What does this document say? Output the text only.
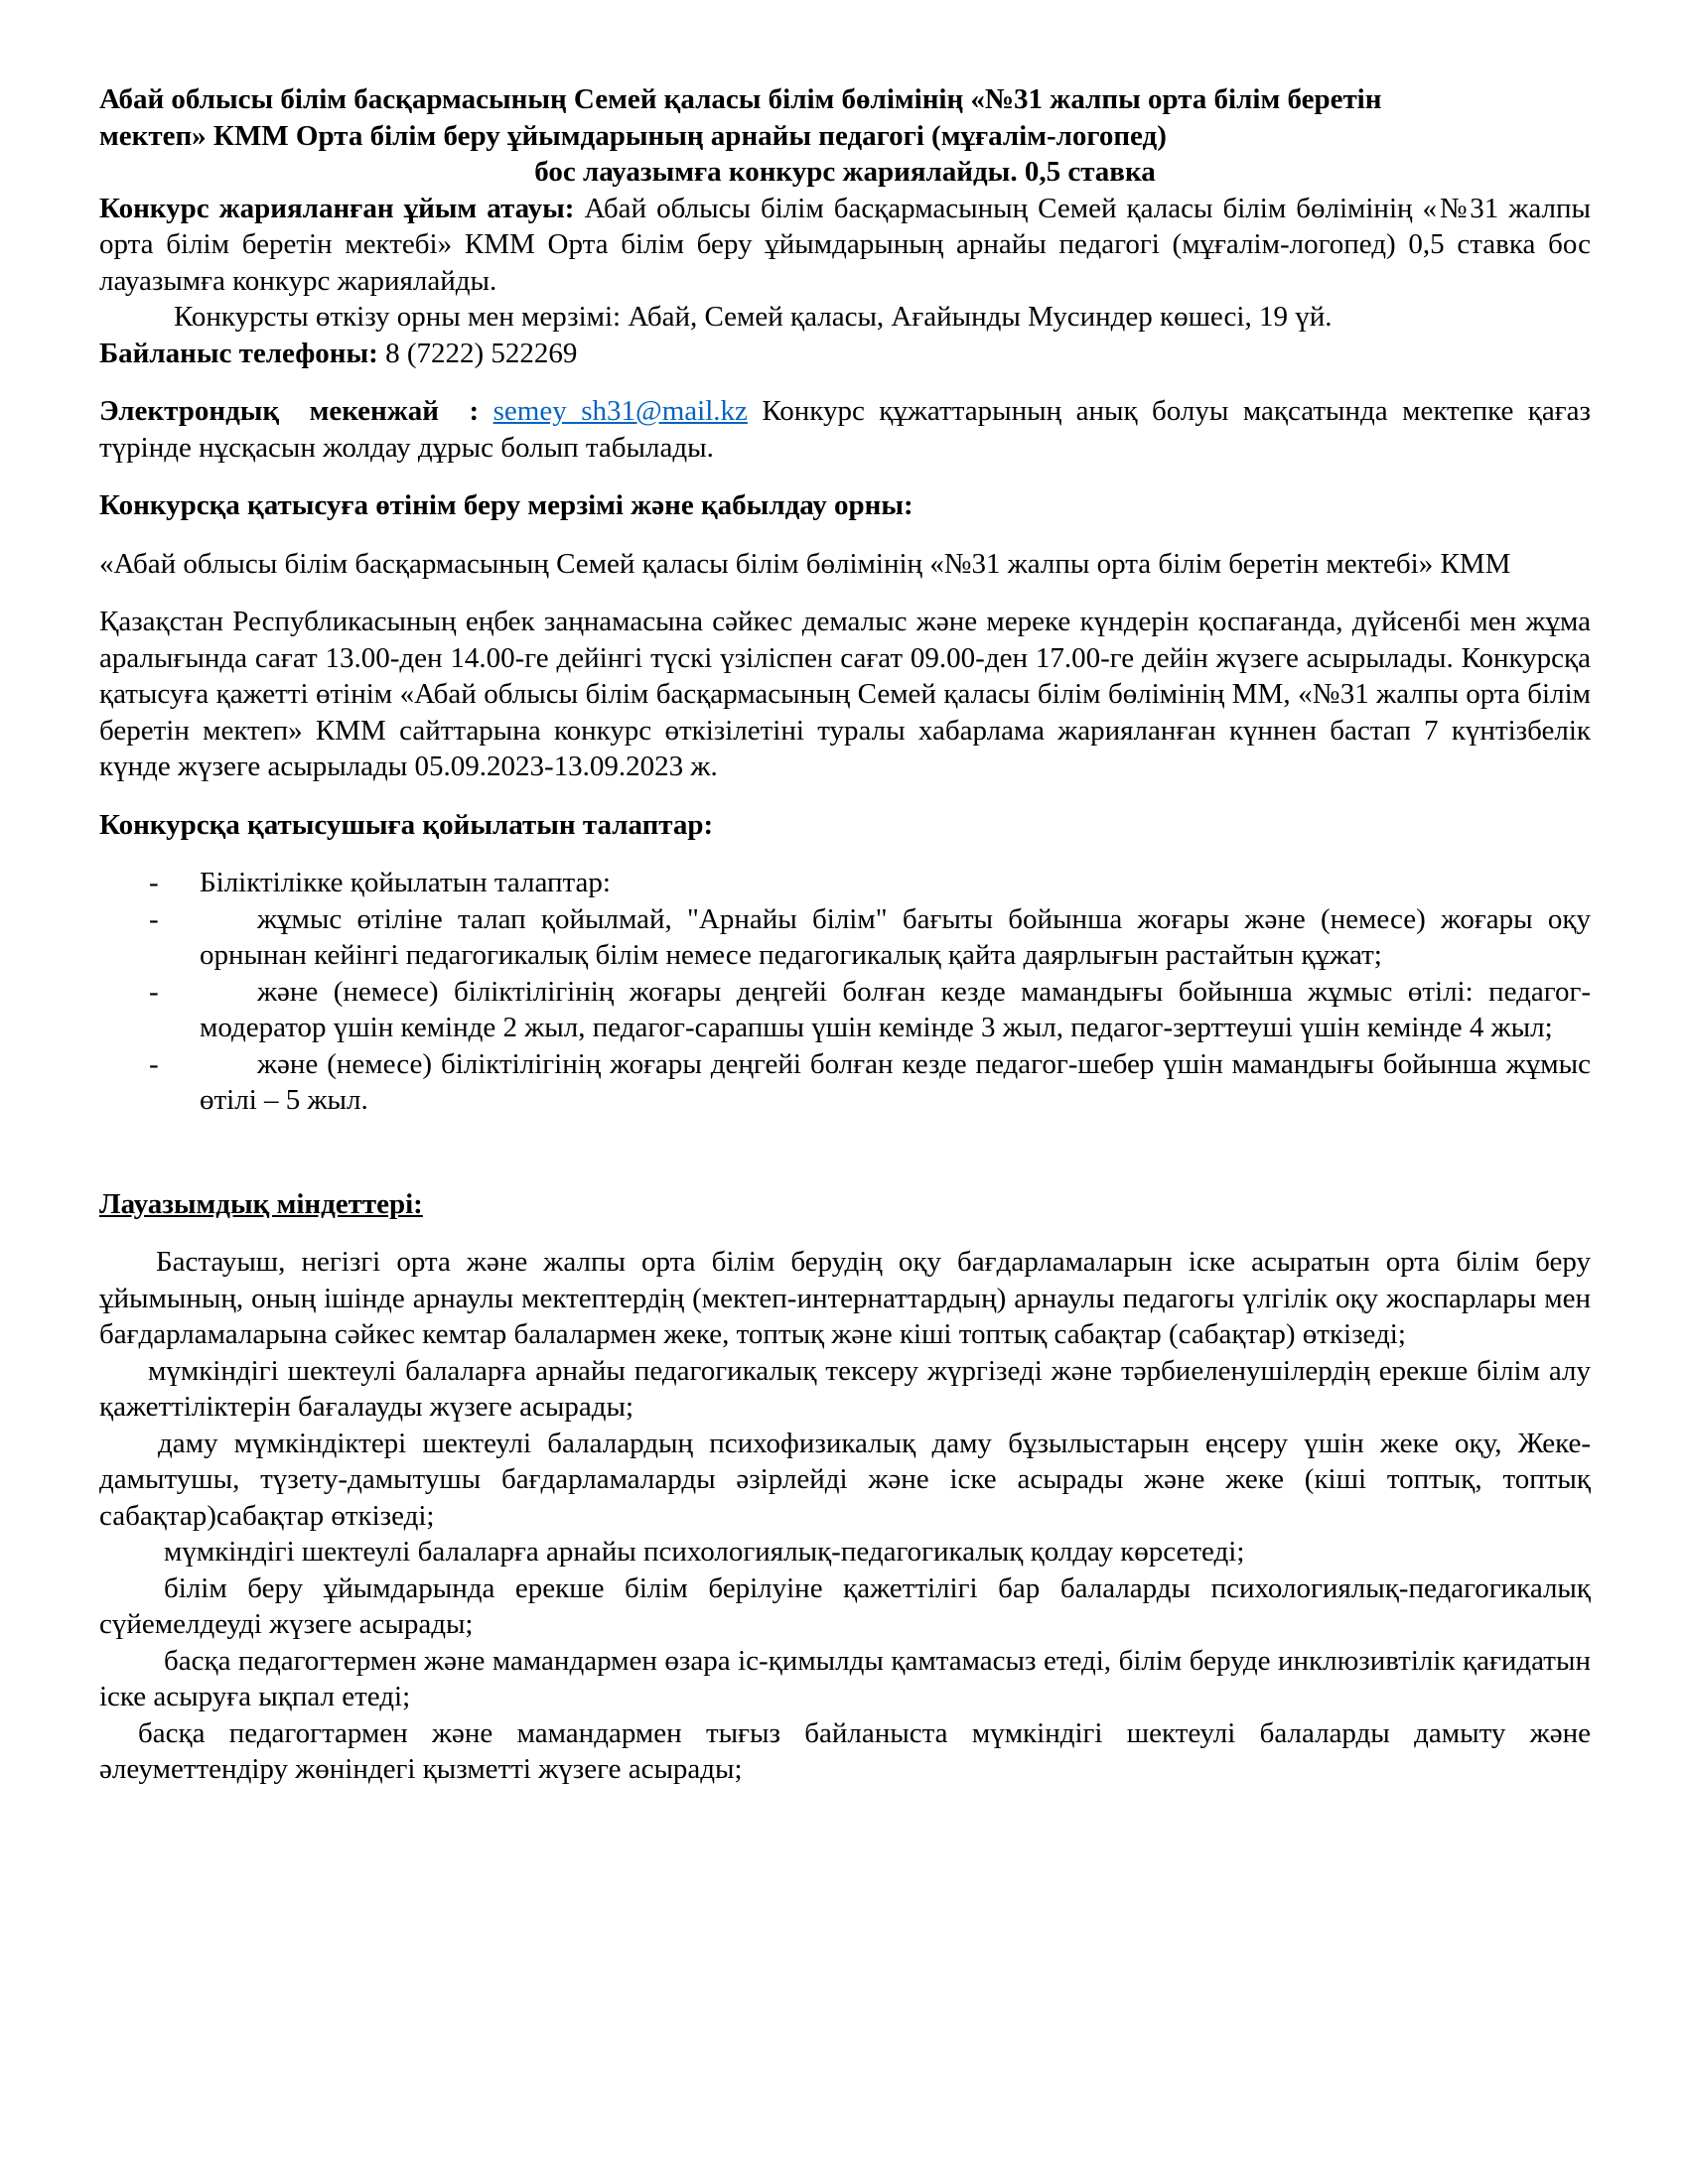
Абай облысы білім басқармасының Семей қаласы білім бөлімінің «№31 жалпы орта білім беретін

мектеп» КММ Орта білім беру ұйымдарының арнайы педагогі (мұғалім-логопед)

бос лауазымға конкурс жариялайды. 0,5 ставка

Конкурс жарияланған ұйым атауы: Абай облысы білім басқармасының Семей қаласы білім бөлімінің «№31 жалпы орта білім беретін мектебі» КММ Орта білім беру ұйымдарының арнайы педагогі (мұғалім-логопед) 0,5 ставка бос лауазымға конкурс жариялайды.

Конкурсты өткізу орны мен мерзімі: Абай, Семей қаласы, Ағайынды Мусиндер көшесі, 19 үй.

Байланыс телефоны: 8 (7222) 522269

Электрондық мекенжай : semey_sh31@mail.kz Конкурс құжаттарының анық болуы мақсатында мектепке қағаз түрінде нұсқасын жолдау дұрыс болып табылады.

Конкурсқа қатысуға өтінім беру мерзімі және қабылдау орны:

«Абай облысы білім басқармасының Семей қаласы білім бөлімінің «№31 жалпы орта білім беретін мектебі» КММ

Қазақстан Республикасының еңбек заңнамасына сәйкес демалыс және мереке күндерін қоспағанда, дүйсенбі мен жұма аралығында сағат 13.00-ден 14.00-ге дейінгі түскі үзіліспен сағат 09.00-ден 17.00-ге дейін жүзеге асырылады. Конкурсқа қатысуға қажетті өтінім «Абай облысы білім басқармасының Семей қаласы білім бөлімінің ММ, «№31 жалпы орта білім беретін мектеп» КММ сайттарына конкурс өткізілетіні туралы хабарлама жарияланған күннен бастап 7 күнтізбелік күнде жүзеге асырылады 05.09.2023-13.09.2023 ж.

Конкурсқа қатысушыға қойылатын талаптар:

- Біліктілікке қойылатын талаптар:
-	жұмыс өтіліне талап қойылмай, "Арнайы білім" бағыты бойынша жоғары және (немесе) жоғары оқу орнынан кейінгі педагогикалық білім немесе педагогикалық қайта даярлығын растайтын құжат;
-	және (немесе) біліктілігінің жоғары деңгейі болған кезде мамандығы бойынша жұмыс өтілі: педагог-модератор үшін кемінде 2 жыл, педагог-сарапшы үшін кемінде 3 жыл, педагог-зерттеуші үшін кемінде 4 жыл;
-	және (немесе) біліктілігінің жоғары деңгейі болған кезде педагог-шебер үшін мамандығы бойынша жұмыс өтілі – 5 жыл.

Лауазымдық міндеттері:

Бастауыш, негізгі орта және жалпы орта білім берудің оқу бағдарламаларын іске асыратын орта білім беру ұйымының, оның ішінде арнаулы мектептердің (мектеп-интернаттардың) арнаулы педагогы үлгілік оқу жоспарлары мен бағдарламаларына сәйкес кемтар балалармен жеке, топтық және кіші топтық сабақтар (сабақтар) өткізеді;

мүмкіндігі шектеулі балаларға арнайы педагогикалық тексеру жүргізеді және тәрбиеленушілердің ерекше білім алу қажеттіліктерін бағалауды жүзеге асырады;

даму мүмкіндіктері шектеулі балалардың психофизикалық даму бұзылыстарын еңсеру үшін жеке оқу, Жеке-дамытушы, түзету-дамытушы бағдарламаларды әзірлейді және іске асырады және жеке (кіші топтық, топтық сабақтар)сабақтар өткізеді;

мүмкіндігі шектеулі балаларға арнайы психологиялық-педагогикалық қолдау көрсетеді;

білім беру ұйымдарында ерекше білім берілуіне қажеттілігі бар балаларды психологиялық-педагогикалық сүйемелдеуді жүзеге асырады;

басқа педагогтермен және мамандармен өзара іс-қимылды қамтамасыз етеді, білім беруде инклюзивтілік қағидатын іске асыруға ықпал етеді;

басқа педагогтармен және мамандармен тығыз байланыста мүмкіндігі шектеулі балаларды дамыту және әлеуметтендіру жөніндегі қызметті жүзеге асырады;
